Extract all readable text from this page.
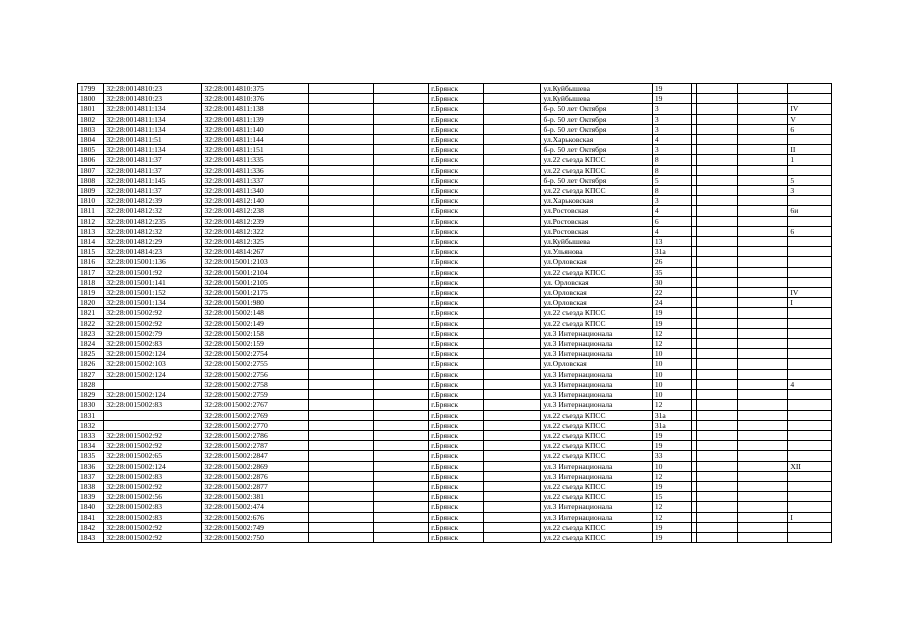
1799	32:28:0014810:23	32:28:0014810:375			г.Брянск		ул.Куйбышева	19				
1800	32:28:0014810:23	32:28:0014810:376			г.Брянск		ул.Куйбышева	19				
1801	32:28:0014811:134	32:28:0014811:138			г.Брянск		б-р. 50 лет Октября	3				IV
1802	32:28:0014811:134	32:28:0014811:139			г.Брянск		б-р. 50 лет Октября	3				V
1803	32:28:0014811:134	32:28:0014811:140			г.Брянск		б-р. 50 лет Октября	3				6
1804	32:28:0014811:51	32:28:0014811:144			г.Брянск		ул.Харьковская	4				
1805	32:28:0014811:134	32:28:0014811:151			г.Брянск		б-р. 50 лет Октября	3				II
1806	32:28:0014811:37	32:28:0014811:335			г.Брянск		ул.22 съезда КПСС	8				1
1807	32:28:0014811:37	32:28:0014811:336			г.Брянск		ул.22 съезда КПСС	8				
1808	32:28:0014811:145	32:28:0014811:337			г.Брянск		б-р. 50 лет Октября	5				5
1809	32:28:0014811:37	32:28:0014811:340			г.Брянск		ул.22 съезда КПСС	8				3
1810	32:28:0014812:39	32:28:0014812:140			г.Брянск		ул.Харьковская	3				
1811	32:28:0014812:32	32:28:0014812:238			г.Брянск		ул.Ростовская	4				6и
1812	32:28:0014812:235	32:28:0014812:239			г.Брянск		ул.Ростовская	6				
1813	32:28:0014812:32	32:28:0014812:322			г.Брянск		ул.Ростовская	4				6
1814	32:28:0014812:29	32:28:0014812:325			г.Брянск		ул.Куйбышева	13				
1815	32:28:0014814:23	32:28:0014814:267			г.Брянск		ул.Ульянова	31а				
1816	32:28:0015001:136	32:28:0015001:2103			г.Брянск		ул.Орловская	26				
1817	32:28:0015001:92	32:28:0015001:2104			г.Брянск		ул.22 съезда КПСС	35				
1818	32:28:0015001:141	32:28:0015001:2105			г.Брянск		ул. Орловская	30				
1819	32:28:0015001:152	32:28:0015001:2175			г.Брянск		ул.Орловская	22				IV
1820	32:28:0015001:134	32:28:0015001:980			г.Брянск		ул.Орловская	24				I
1821	32:28:0015002:92	32:28:0015002:148			г.Брянск		ул.22 съезда КПСС	19				
1822	32:28:0015002:92	32:28:0015002:149			г.Брянск		ул.22 съезда КПСС	19				
1823	32:28:0015002:79	32:28:0015002:158			г.Брянск		ул.3 Интернационала	12				
1824	32:28:0015002:83	32:28:0015002:159			г.Брянск		ул.3 Интернационала	12				
1825	32:28:0015002:124	32:28:0015002:2754			г.Брянск		ул.3 Интернационала	10				
1826	32:28:0015002:103	32:28:0015002:2755			г.Брянск		ул.Орловская	10				
1827	32:28:0015002:124	32:28:0015002:2756			г.Брянск		ул.3 Интернационала	10				
1828		32:28:0015002:2758			г.Брянск		ул.3 Интернационала	10				4
1829	32:28:0015002:124	32:28:0015002:2759			г.Брянск		ул.3 Интернационала	10				
1830	32:28:0015002:83	32:28:0015002:2767			г.Брянск		ул.3 Интернационала	12				
1831		32:28:0015002:2769			г.Брянск		ул.22 съезда КПСС	31а				
1832		32:28:0015002:2770			г.Брянск		ул.22 съезда КПСС	31а				
1833	32:28:0015002:92	32:28:0015002:2786			г.Брянск		ул.22 съезда КПСС	19				
1834	32:28:0015002:92	32:28:0015002:2787			г.Брянск		ул.22 съезда КПСС	19				
1835	32:28:0015002:65	32:28:0015002:2847			г.Брянск		ул.22 съезда КПСС	33				
1836	32:28:0015002:124	32:28:0015002:2869			г.Брянск		ул.3 Интернационала	10				XII
1837	32:28:0015002:83	32:28:0015002:2876			г.Брянск		ул.3 Интернационала	12				
1838	32:28:0015002:92	32:28:0015002:2877			г.Брянск		ул.22 съезда КПСС	19				
1839	32:28:0015002:56	32:28:0015002:381			г.Брянск		ул.22 съезда КПСС	15				
1840	32:28:0015002:83	32:28:0015002:474			г.Брянск		ул.3 Интернационала	12				
1841	32:28:0015002:83	32:28:0015002:676			г.Брянск		ул.3 Интернационала	12				I
1842	32:28:0015002:92	32:28:0015002:749			г.Брянск		ул.22 съезда КПСС	19				
1843	32:28:0015002:92	32:28:0015002:750			г.Брянск		ул.22 съезда КПСС	19				
